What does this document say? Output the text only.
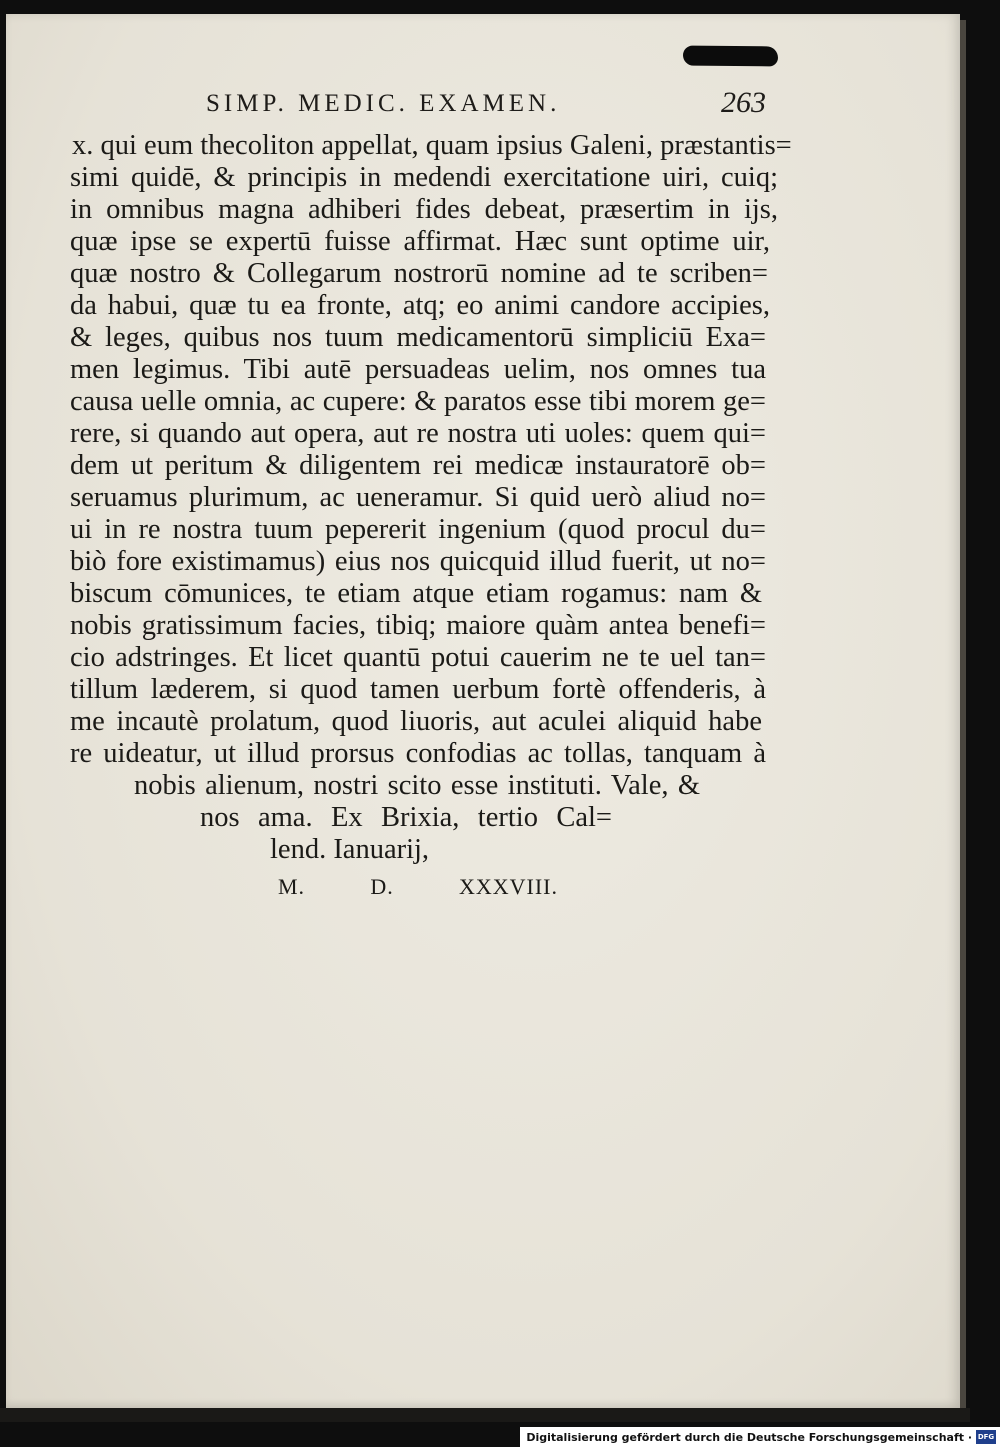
SIMP. MEDIC. EXAMEN.	263
x. qui eum thecoliton appellat, quam ipsius Galeni, præstantis=
simi quidē, & principis in medendi exercitatione uiri, cuiq;
in omnibus magna adhiberi fides debeat, præsertim in ijs,
quæ ipse se expertū fuisse affirmat. Hæc sunt optime uir,
quæ nostro & Collegarum nostrorū nomine ad te scriben=
da habui, quæ tu ea fronte, atq; eo animi candore accipies,
& leges, quibus nos tuum medicamentorū simpliciū Exa=
men legimus. Tibi autē persuadeas uelim, nos omnes tua
causa uelle omnia, ac cupere: & paratos esse tibi morem ge=
rere, si quando aut opera, aut re nostra uti uoles: quem qui=
dem ut peritum & diligentem rei medicæ instauratorē ob=
seruamus plurimum, ac ueneramur. Si quid uerò aliud no=
ui in re nostra tuum pepererit ingenium (quod procul du=
biò fore existimamus) eius nos quicquid illud fuerit, ut no=
biscum cōmunices, te etiam atque etiam rogamus: nam &
nobis gratissimum facies, tibiq; maiore quàm antea benefi=
cio adstringes. Et licet quantū potui cauerim ne te uel tan=
tillum læderem, si quod tamen uerbum fortè offenderis, à
me incautè prolatum, quod liuoris, aut aculei aliquid habe
re uideatur, ut illud prorsus confodias ac tollas, tanquam à
nobis alienum, nostri scito esse instituti. Vale, &
nos ama. Ex Brixia, tertio Cal=
lend. Ianuarij,
M. D. XXXVIII.
Digitalisierung gefördert durch die Deutsche Forschungsgemeinschaft · DFG
